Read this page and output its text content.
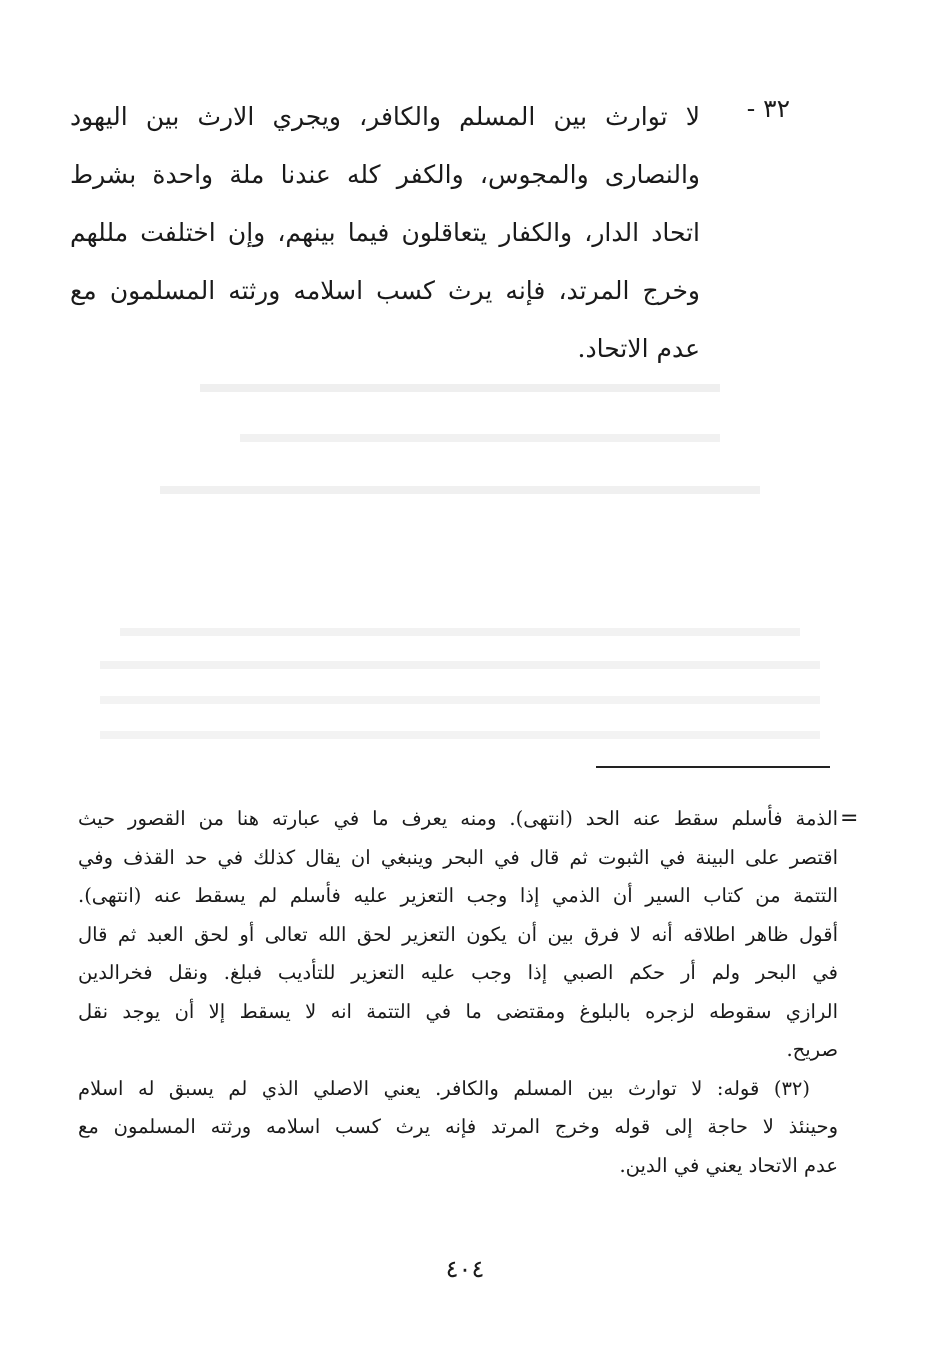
٣٢ -
لا توارث بين المسلم والكافر، ويجري الارث بين اليهود
والنصارى والمجوس، والكفر كله عندنا ملة واحدة بشرط
اتحاد الدار، والكفار يتعاقلون فيما بينهم، وإن اختلفت مللهم
وخرج المرتد، فإنه يرث كسب اسلامه ورثته المسلمون مع
عدم الاتحاد.
=
الذمة فأسلم سقط عنه الحد (انتهى). ومنه يعرف ما في عبارته هنا من القصور حيث
اقتصر على البينة في الثبوت ثم قال في البحر وينبغي ان يقال كذلك في حد القذف وفي
التتمة من كتاب السير أن الذمي إذا وجب التعزير عليه فأسلم لم يسقط عنه (انتهى).
أقول ظاهر اطلاقه أنه لا فرق بين أن يكون التعزير لحق الله تعالى أو لحق العبد ثم قال
في البحر ولم أر حكم الصبي إذا وجب عليه التعزير للتأديب فبلغ. ونقل فخرالدين
الرازي سقوطه لزجره بالبلوغ ومقتضى ما في التتمة انه لا يسقط إلا أن يوجد نقل
صريح.
(٣٢) قوله: لا توارث بين المسلم والكافر. يعني الاصلي الذي لم يسبق له اسلام
وحينئذ لا حاجة إلى قوله وخرج المرتد فإنه يرث كسب اسلامه ورثته المسلمون مع
عدم الاتحاد يعني في الدين.
٤٠٤
